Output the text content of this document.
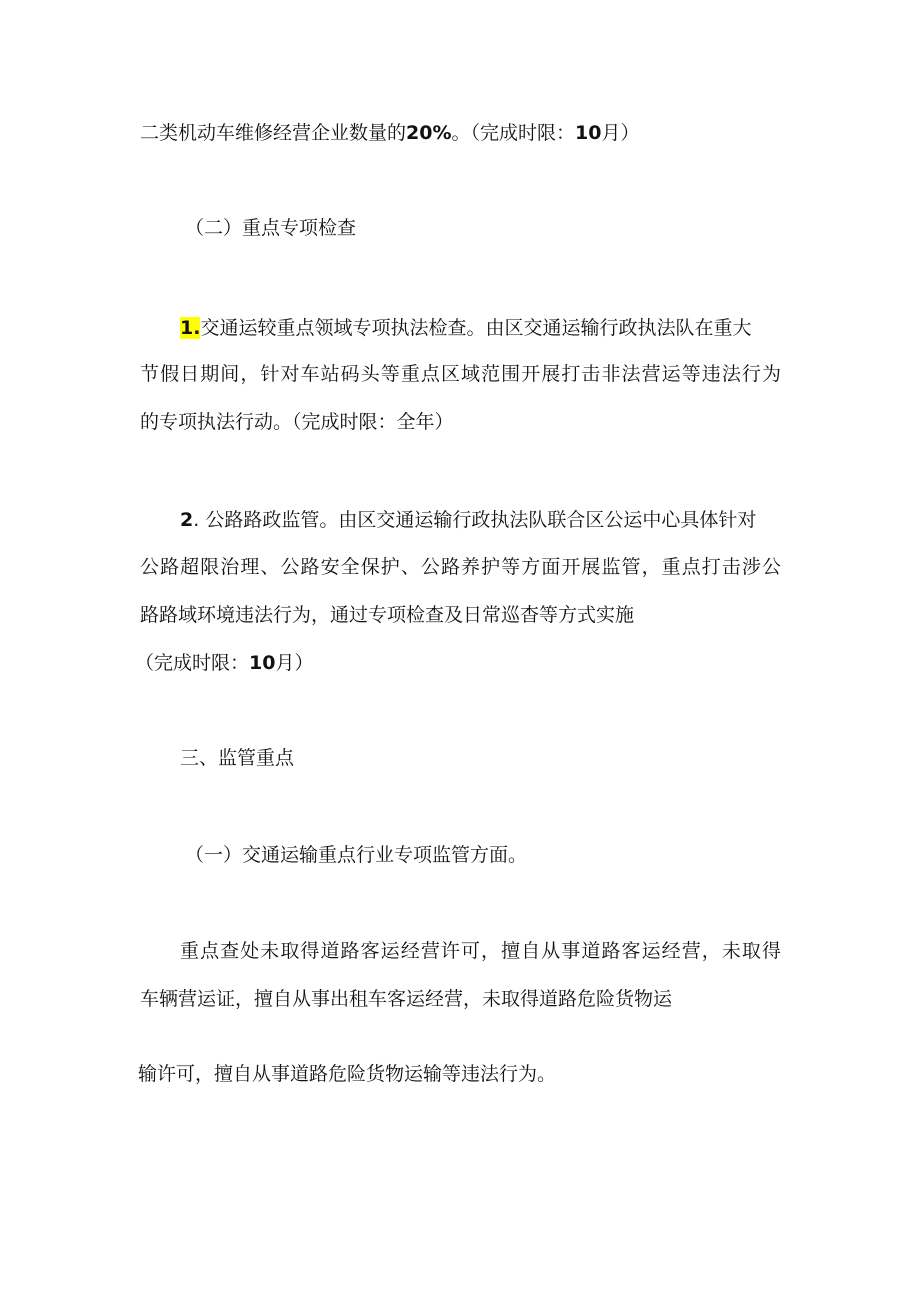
二类机动车维修经营企业数量的20%。（完成时限：10月）
（二）重点专项检查
1.交通运较重点领域专项执法检查。由区交通运输行政执法队在重大
节假日期间，针对车站码头等重点区域范围开展打击非法营运等违法行为
的专项执法行动。（完成时限：全年）
2. 公路路政监管。由区交通运输行政执法队联合区公运中心具体针对
公路超限治理、公路安全保护、公路养护等方面开展监管，重点打击涉公
路路域环境违法行为，通过专项检查及日常巡杳等方式实施
（完成时限：10月）
三、监管重点
（一）交通运输重点行业专项监管方面。
重点查处未取得道路客运经营许可，擅自从事道路客运经营，未取得
车辆营运证，擅自从事出租车客运经营，未取得道路危险货物运
输许可，擅自从事道路危险货物运输等违法行为。
